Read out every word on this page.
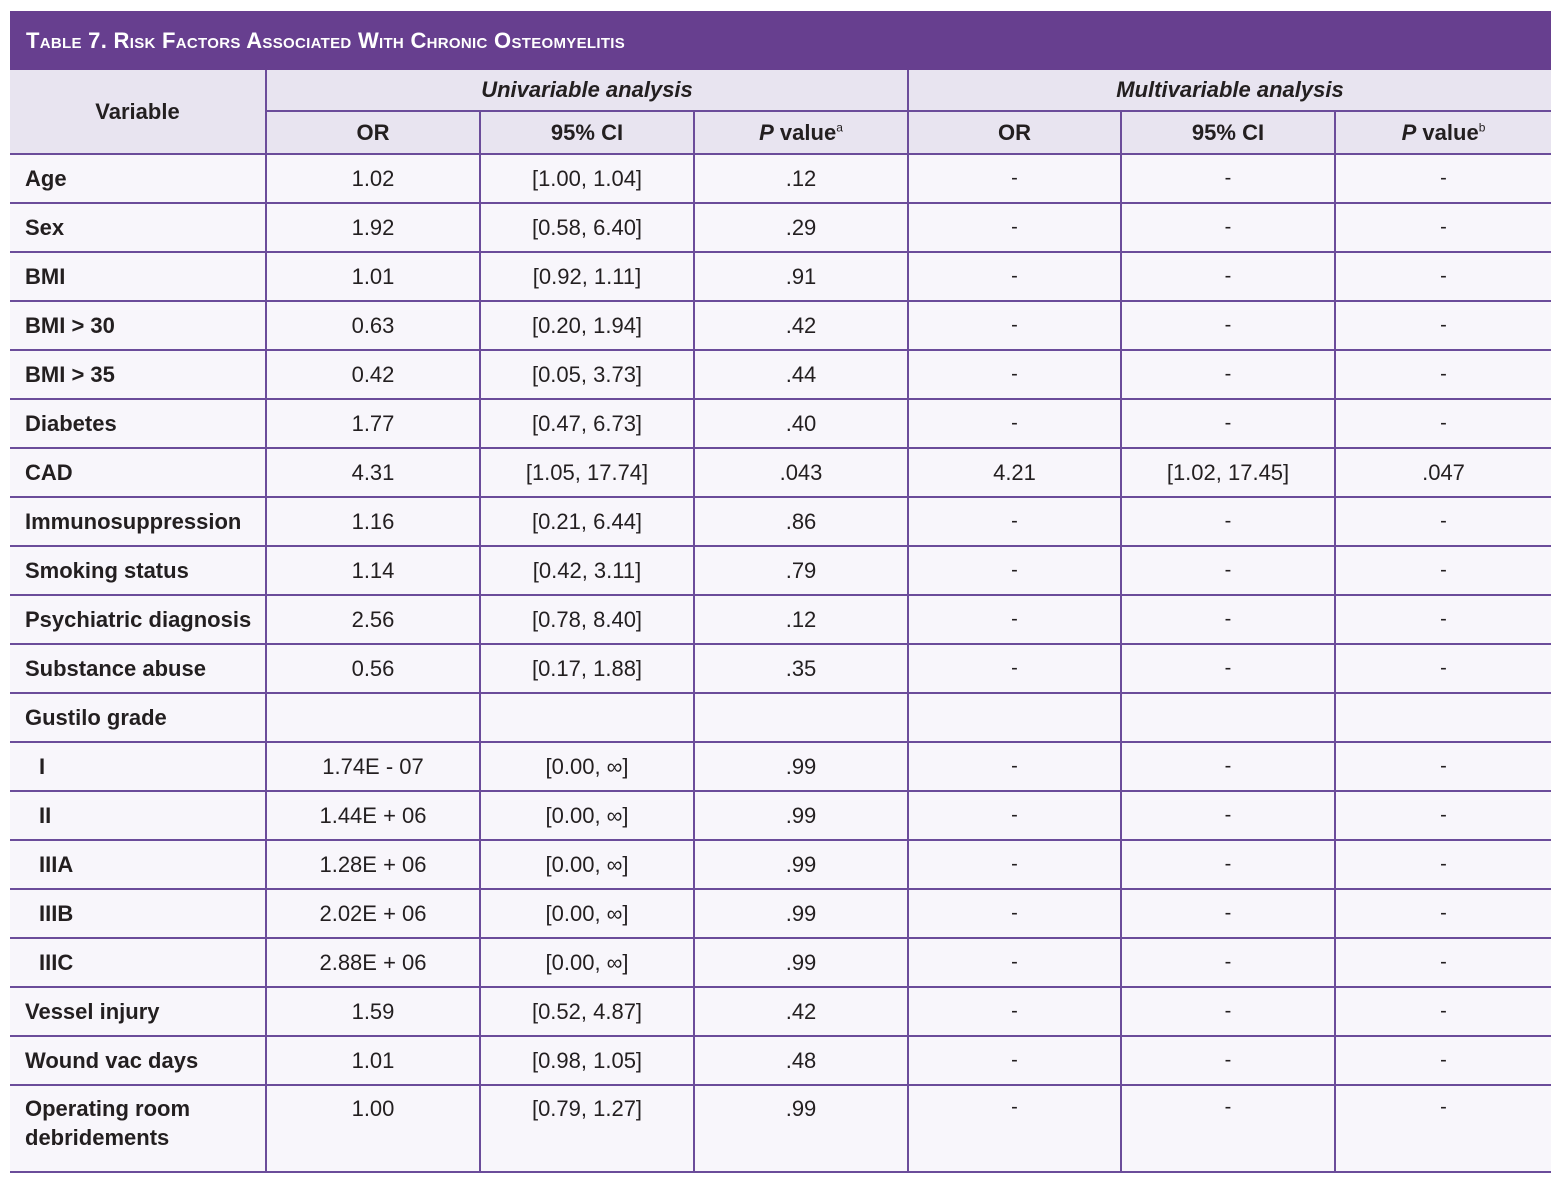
Table 7. Risk Factors Associated With Chronic Osteomyelitis
Variable	Univariable analysis			Multivariable analysis		
	OR	95% CI	P value$^a$	OR	95% CI	P value$^b$
Age	1.02	[1.00, 1.04]	.12	-	-	-
Sex	1.92	[0.58, 6.40]	.29	-	-	-
BMI	1.01	[0.92, 1.11]	.91	-	-	-
BMI > 30	0.63	[0.20, 1.94]	.42	-	-	-
BMI > 35	0.42	[0.05, 3.73]	.44	-	-	-
Diabetes	1.77	[0.47, 6.73]	.40	-	-	-
CAD	4.31	[1.05, 17.74]	.043	4.21	[1.02, 17.45]	.047
Immunosuppression	1.16	[0.21, 6.44]	.86	-	-	-
Smoking status	1.14	[0.42, 3.11]	.79	-	-	-
Psychiatric diagnosis	2.56	[0.78, 8.40]	.12	-	-	-
Substance abuse	0.56	[0.17, 1.88]	.35	-	-	-
Gustilo grade						
I	1.74E - 07	[0.00, ∞]	.99	-	-	-
II	1.44E + 06	[0.00, ∞]	.99	-	-	-
IIIA	1.28E + 06	[0.00, ∞]	.99	-	-	-
IIIB	2.02E + 06	[0.00, ∞]	.99	-	-	-
IIIC	2.88E + 06	[0.00, ∞]	.99	-	-	-
Vessel injury	1.59	[0.52, 4.87]	.42	-	-	-
Wound vac days	1.01	[0.98, 1.05]	.48	-	-	-
Operating room debridements	1.00	[0.79, 1.27]	.99	-	-	-
